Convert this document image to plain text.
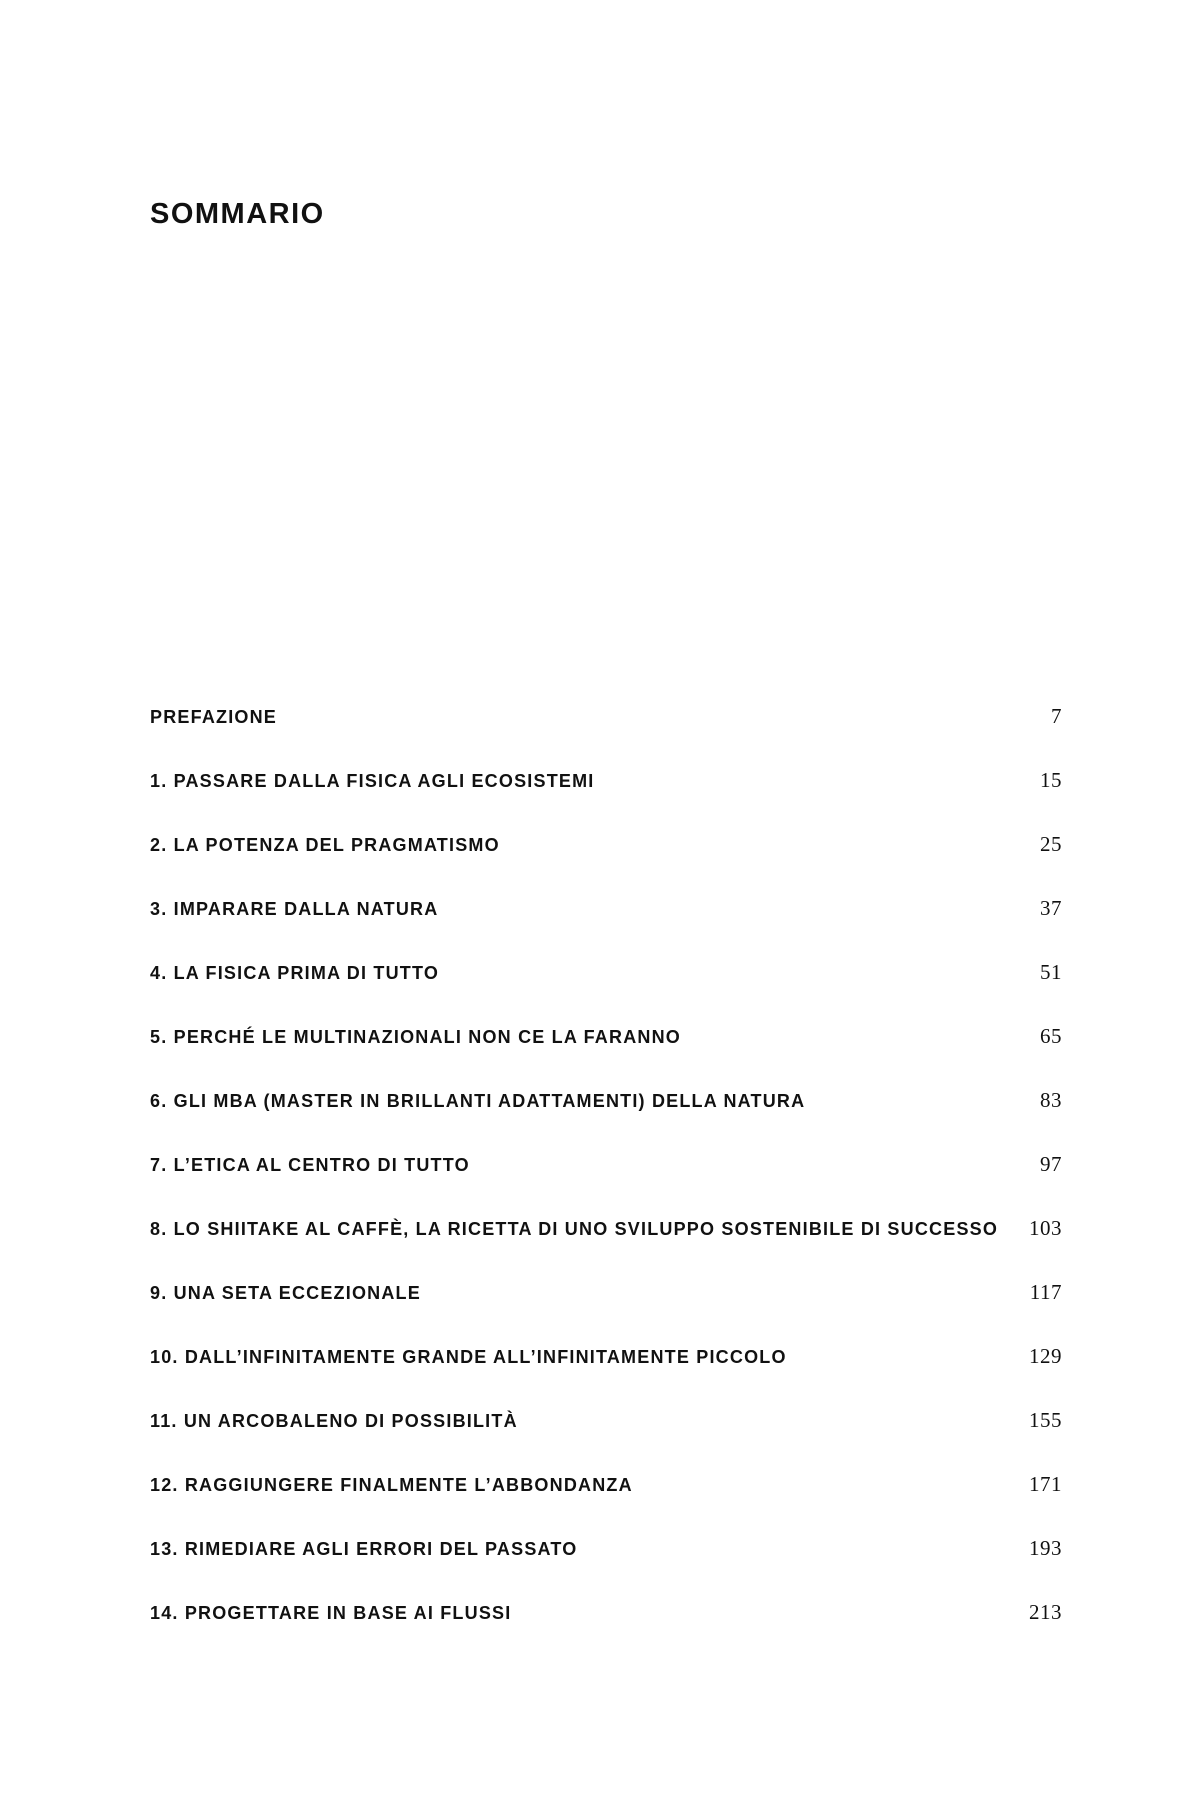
SOMMARIO
PREFAZIONE	7
1. PASSARE DALLA FISICA AGLI ECOSISTEMI	15
2. LA POTENZA DEL PRAGMATISMO	25
3. IMPARARE DALLA NATURA	37
4. LA FISICA PRIMA DI TUTTO	51
5. PERCHÉ LE MULTINAZIONALI NON CE LA FARANNO	65
6. GLI MBA (MASTER IN BRILLANTI ADATTAMENTI) DELLA NATURA	83
7. L’ETICA AL CENTRO DI TUTTO	97
8. LO SHIITAKE AL CAFFÈ, LA RICETTA DI UNO SVILUPPO SOSTENIBILE DI SUCCESSO 103
9. UNA SETA ECCEZIONALE	117
10. DALL’INFINITAMENTE GRANDE ALL’INFINITAMENTE PICCOLO	129
11. UN ARCOBALENO DI POSSIBILITÀ	155
12. RAGGIUNGERE FINALMENTE L’ABBONDANZA	171
13. RIMEDIARE AGLI ERRORI DEL PASSATO	193
14. PROGETTARE IN BASE AI FLUSSI	213
